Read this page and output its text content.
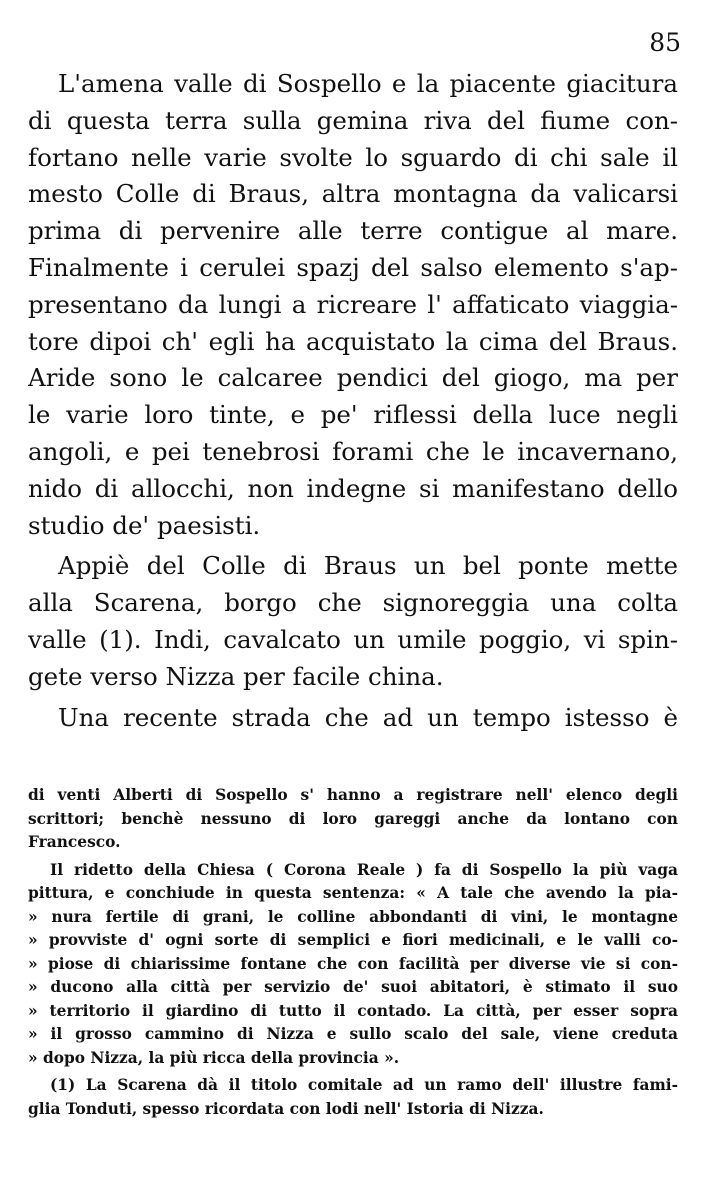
85
L'amena valle di Sospello e la piacente giacitura
di questa terra sulla gemina riva del fiume con-
fortano nelle varie svolte lo sguardo di chi sale il
mesto Colle di Braus, altra montagna da valicarsi
prima di pervenire alle terre contigue al mare.
Finalmente i cerulei spazj del salso elemento s'ap-
presentano da lungi a ricreare l' affaticato viaggia-
tore dipoi ch' egli ha acquistato la cima del Braus.
Aride sono le calcaree pendici del giogo, ma per
le varie loro tinte, e pe' riflessi della luce negli
angoli, e pei tenebrosi forami che le incavernano,
nido di allocchi, non indegne si manifestano dello
studio de' paesisti.
Appiè del Colle di Braus un bel ponte mette
alla Scarena, borgo che signoreggia una colta
valle (1). Indi, cavalcato un umile poggio, vi spin-
gete verso Nizza per facile china.
Una recente strada che ad un tempo istesso è
di venti Alberti di Sospello s' hanno a registrare nell' elenco degli
scrittori; benchè nessuno di loro gareggi anche da lontano con
Francesco.
Il ridetto della Chiesa ( Corona Reale ) fa di Sospello la più vaga
pittura, e conchiude in questa sentenza: « A tale che avendo la pia-
» nura fertile di grani, le colline abbondanti di vini, le montagne
» provviste d' ogni sorte di semplici e fiori medicinali, e le valli co-
» piose di chiarissime fontane che con facilità per diverse vie si con-
» ducono alla città per servizio de' suoi abitatori, è stimato il suo
» territorio il giardino di tutto il contado. La città, per esser sopra
» il grosso cammino di Nizza e sullo scalo del sale, viene creduta
» dopo Nizza, la più ricca della provincia ».
(1) La Scarena dà il titolo comitale ad un ramo dell' illustre fami-
glia Tonduti, spesso ricordata con lodi nell' Istoria di Nizza.
